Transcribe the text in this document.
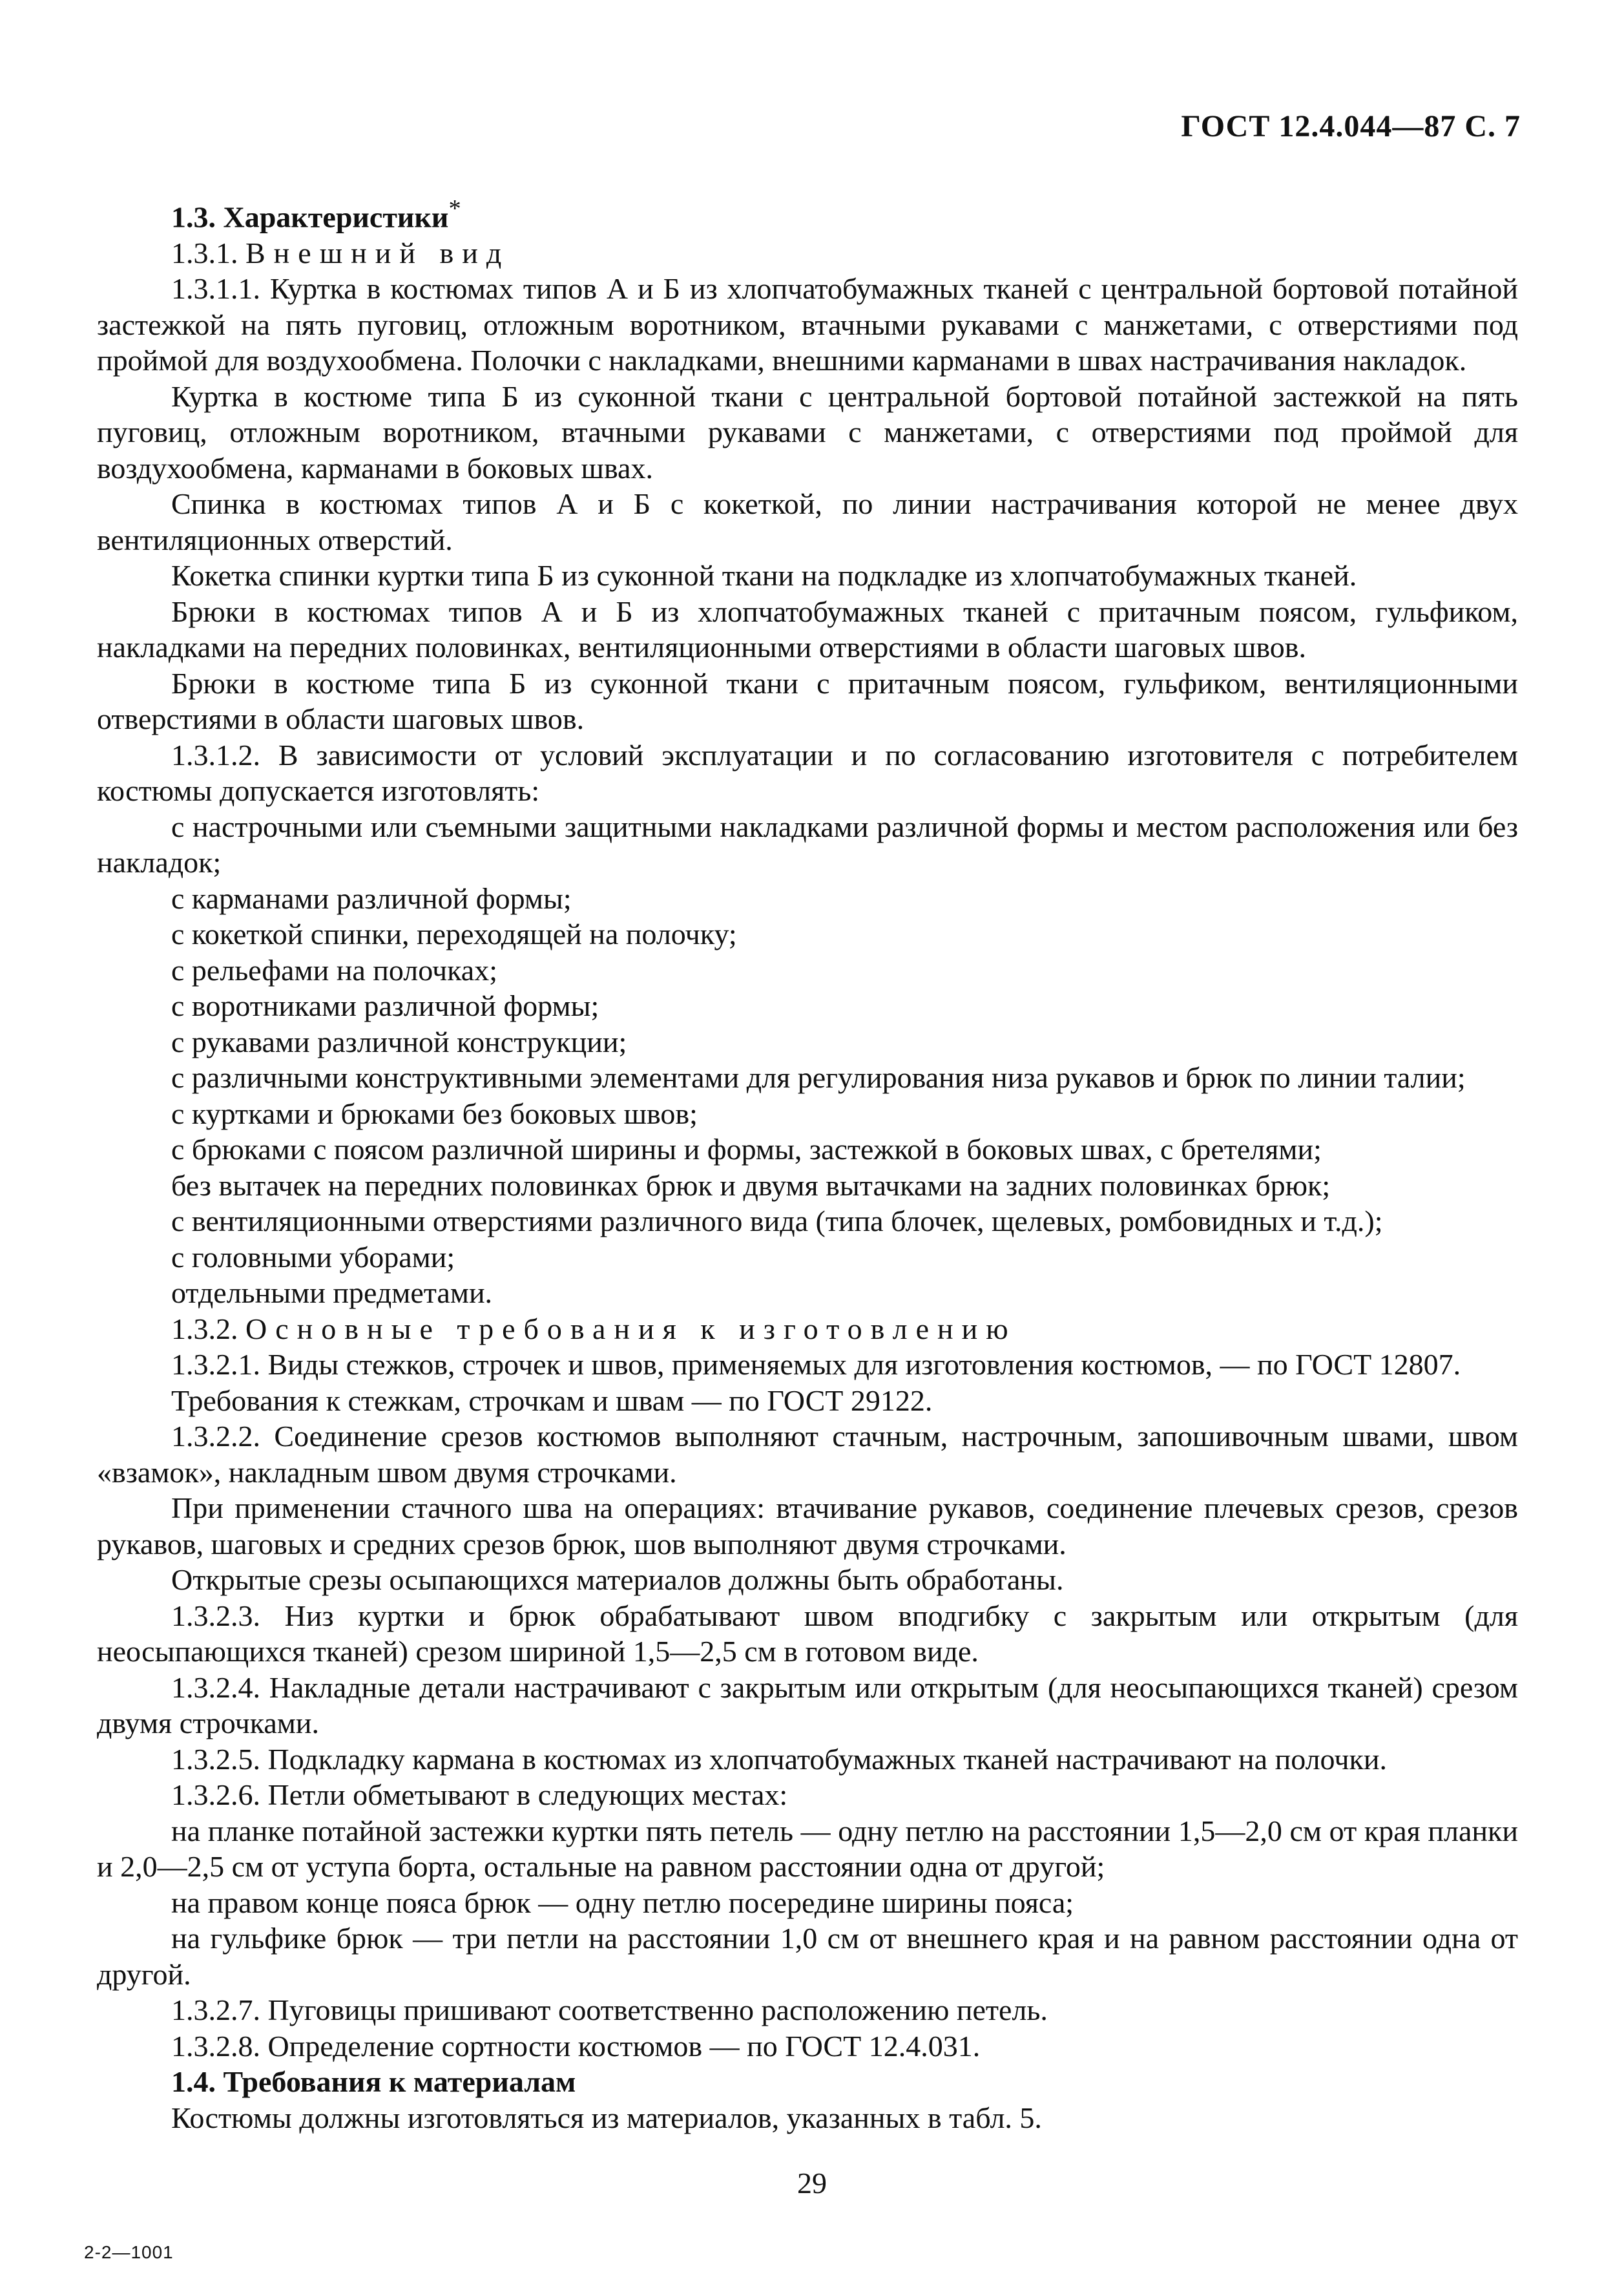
ГОСТ 12.4.044—87 С. 7

1.3. Характеристики*

1.3.1. Внешний вид

1.3.1.1. Куртка в костюмах типов А и Б из хлопчатобумажных тканей с центральной бортовой потайной застежкой на пять пуговиц, отложным воротником, втачными рукавами с манжетами, с отверстиями под проймой для воздухообмена. Полочки с накладками, внешними карманами в швах настрачивания накладок.

Куртка в костюме типа Б из суконной ткани с центральной бортовой потайной застежкой на пять пуговиц, отложным воротником, втачными рукавами с манжетами, с отверстиями под проймой для воздухообмена, карманами в боковых швах.

Спинка в костюмах типов А и Б с кокеткой, по линии настрачивания которой не менее двух вентиляционных отверстий.

Кокетка спинки куртки типа Б из суконной ткани на подкладке из хлопчатобумажных тканей.

Брюки в костюмах типов А и Б из хлопчатобумажных тканей с притачным поясом, гульфиком, накладками на передних половинках, вентиляционными отверстиями в области шаговых швов.

Брюки в костюме типа Б из суконной ткани с притачным поясом, гульфиком, вентиляционными отверстиями в области шаговых швов.

1.3.1.2. В зависимости от условий эксплуатации и по согласованию изготовителя с потребителем костюмы допускается изготовлять:

с настрочными или съемными защитными накладками различной формы и местом расположения или без накладок;

с карманами различной формы;

с кокеткой спинки, переходящей на полочку;

с рельефами на полочках;

с воротниками различной формы;

с рукавами различной конструкции;

с различными конструктивными элементами для регулирования низа рукавов и брюк по линии талии;

с куртками и брюками без боковых швов;

с брюками с поясом различной ширины и формы, застежкой в боковых швах, с бретелями;

без вытачек на передних половинках брюк и двумя вытачками на задних половинках брюк;

с вентиляционными отверстиями различного вида (типа блочек, щелевых, ромбовидных и т.д.);

с головными уборами;

отдельными предметами.

1.3.2. Основные требования к изготовлению

1.3.2.1. Виды стежков, строчек и швов, применяемых для изготовления костюмов, — по ГОСТ 12807.

Требования к стежкам, строчкам и швам — по ГОСТ 29122.

1.3.2.2. Соединение срезов костюмов выполняют стачным, настрочным, запошивочным швами, швом «взамок», накладным швом двумя строчками.

При применении стачного шва на операциях: втачивание рукавов, соединение плечевых срезов, срезов рукавов, шаговых и средних срезов брюк, шов выполняют двумя строчками.

Открытые срезы осыпающихся материалов должны быть обработаны.

1.3.2.3. Низ куртки и брюк обрабатывают швом вподгибку с закрытым или открытым (для неосыпающихся тканей) срезом шириной 1,5—2,5 см в готовом виде.

1.3.2.4. Накладные детали настрачивают с закрытым или открытым (для неосыпающихся тканей) срезом двумя строчками.

1.3.2.5. Подкладку кармана в костюмах из хлопчатобумажных тканей настрачивают на полочки.

1.3.2.6. Петли обметывают в следующих местах:

на планке потайной застежки куртки пять петель — одну петлю на расстоянии 1,5—2,0 см от края планки и 2,0—2,5 см от уступа борта, остальные на равном расстоянии одна от другой;

на правом конце пояса брюк — одну петлю посередине ширины пояса;

на гульфике брюк — три петли на расстоянии 1,0 см от внешнего края и на равном расстоянии одна от другой.

1.3.2.7. Пуговицы пришивают соответственно расположению петель.

1.3.2.8. Определение сортности костюмов — по ГОСТ 12.4.031.

1.4. Требования к материалам

Костюмы должны изготовляться из материалов, указанных в табл. 5.

29
2-2—1001
